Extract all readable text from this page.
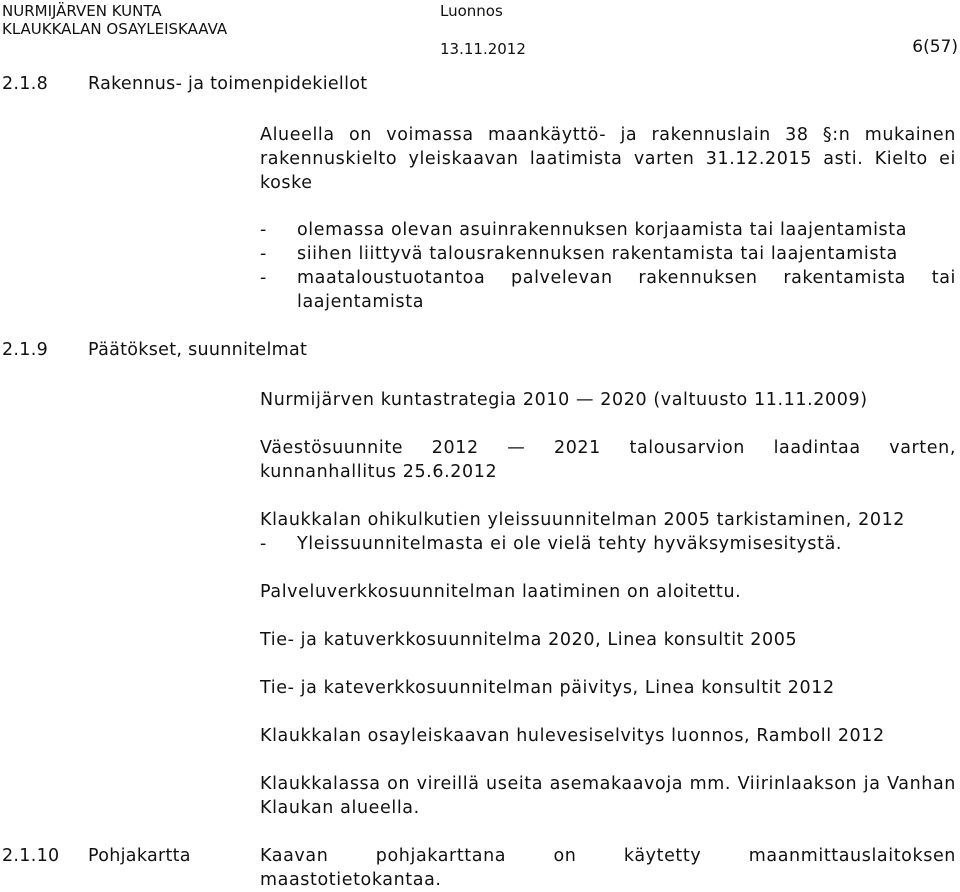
NURMIJÄRVEN KUNTA
KLAUKKALAN OSAYLEISKAAVA
Luonnos
13.11.2012	6(57)
2.1.8 Rakennus- ja toimenpidekiellot
2.1.9 Päätökset, suunnitelmat
2.1.10 Pohjakartta

Alueella on voimassa maankäyttö- ja rakennuslain 38 §:n mukainen rakennuskielto yleiskaavan laatimista varten 31.12.2015 asti. Kielto ei koske

- olemassa olevan asuinrakennuksen korjaamista tai laajentamista
- siihen liittyvä talousrakennuksen rakentamista tai laajentamista
- maataloustuotantoa palvelevan rakennuksen rakentamista tai laajentamista

Nurmijärven kuntastrategia 2010 — 2020 (valtuusto 11.11.2009)

Väestösuunnite 2012 — 2021 talousarvion laadintaa varten, kunnanhallitus 25.6.2012

Klaukkalan ohikulkutien yleissuunnitelman 2005 tarkistaminen, 2012

- Yleissuunnitelmasta ei ole vielä tehty hyväksymisesitystä.

Palveluverkkosuunnitelman laatiminen on aloitettu.

Tie- ja katuverkkosuunnitelma 2020, Linea konsultit 2005

Tie- ja kateverkkosuunnitelman päivitys, Linea konsultit 2012

Klaukkalan osayleiskaavan hulevesiselvitys luonnos, Ramboll 2012

Klaukkalassa on vireillä useita asemakaavoja mm. Viirinlaakson ja Vanhan Klaukan alueella.

Kaavan pohjakarttana on käytetty maanmittauslaitoksen maastotietokantaa.
